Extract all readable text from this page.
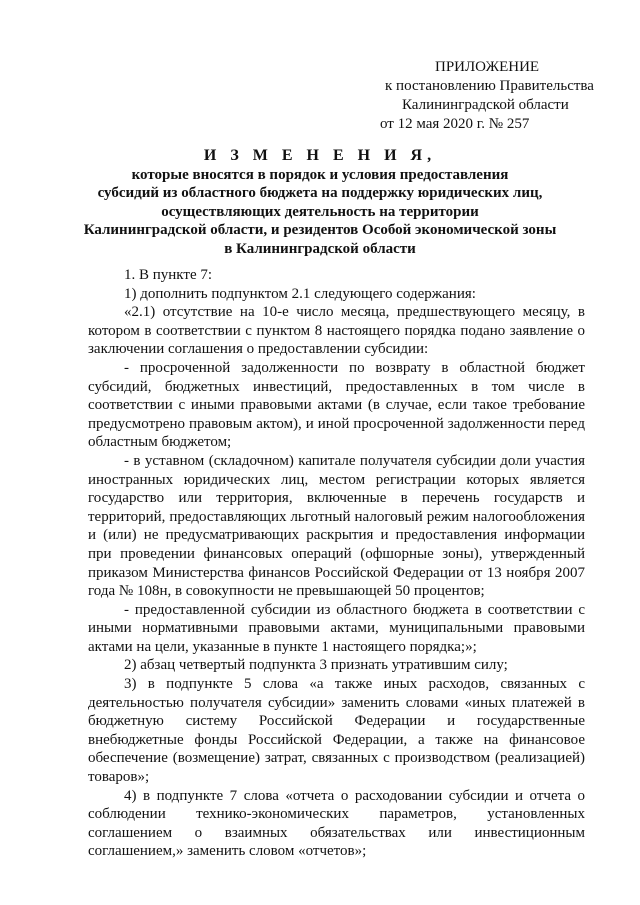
ПРИЛОЖЕНИЕ
к постановлению Правительства
Калининградской области
от 12 мая 2020 г. № 257
И З М Е Н Е Н И Я,
которые вносятся в порядок и условия предоставления
субсидий из областного бюджета на поддержку юридических лиц,
осуществляющих деятельность на территории
Калининградской области, и резидентов Особой экономической зоны
в Калининградской области

1. В пункте 7:

1) дополнить подпунктом 2.1 следующего содержания:

«2.1) отсутствие на 10-е число месяца, предшествующего месяцу, в котором в соответствии с пунктом 8 настоящего порядка подано заявление о заключении соглашения о предоставлении субсидии:

- просроченной задолженности по возврату в областной бюджет субсидий, бюджетных инвестиций, предоставленных в том числе в соответствии с иными правовыми актами (в случае, если такое требование предусмотрено правовым актом), и иной просроченной задолженности перед областным бюджетом;

- в уставном (складочном) капитале получателя субсидии доли участия иностранных юридических лиц, местом регистрации которых является государство или территория, включенные в перечень государств и территорий, предоставляющих льготный налоговый режим налогообложения и (или) не предусматривающих раскрытия и предоставления информации при проведении финансовых операций (офшорные зоны), утвержденный приказом Министерства финансов Российской Федерации от 13 ноября 2007 года № 108н, в совокупности не превышающей 50 процентов;

- предоставленной субсидии из областного бюджета в соответствии с иными нормативными правовыми актами, муниципальными правовыми актами на цели, указанные в пункте 1 настоящего порядка;»;

2) абзац четвертый подпункта 3 признать утратившим силу;

3) в подпункте 5 слова «а также иных расходов, связанных с деятельностью получателя субсидии» заменить словами «иных платежей в бюджетную систему Российской Федерации и государственные внебюджетные фонды Российской Федерации, а также на финансовое обеспечение (возмещение) затрат, связанных с производством (реализацией) товаров»;

4) в подпункте 7 слова «отчета о расходовании субсидии и отчета о соблюдении технико-экономических параметров, установленных соглашением о взаимных обязательствах или инвестиционным соглашением,» заменить словом «отчетов»;
